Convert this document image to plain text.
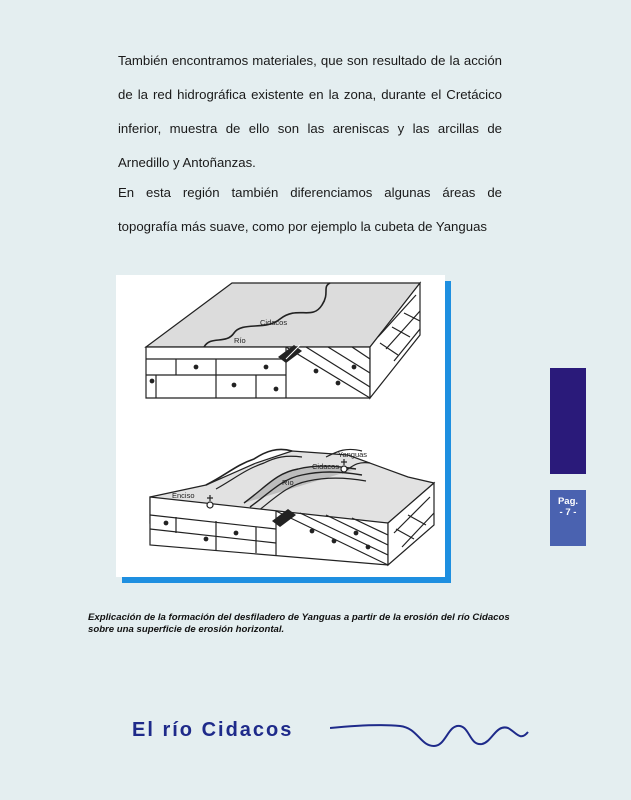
También encontramos materiales, que son resultado de la acción de la red hidrográfica existente en la zona, durante el Cretácico inferior, muestra de ello son las areniscas y las arcillas de Arnedillo y Antoñanzas.

En esta región también diferenciamos algunas áreas de topografía más suave, como por ejemplo la cubeta de Yanguas

Cidacos
Río
Yanguas
Cidacos
Río
Enciso

Explicación de la formación del desfiladero de Yanguas a partir de la erosión del río Cidacos sobre una superficie de erosión horizontal.

Pag.
- 7 -
El río Cidacos
